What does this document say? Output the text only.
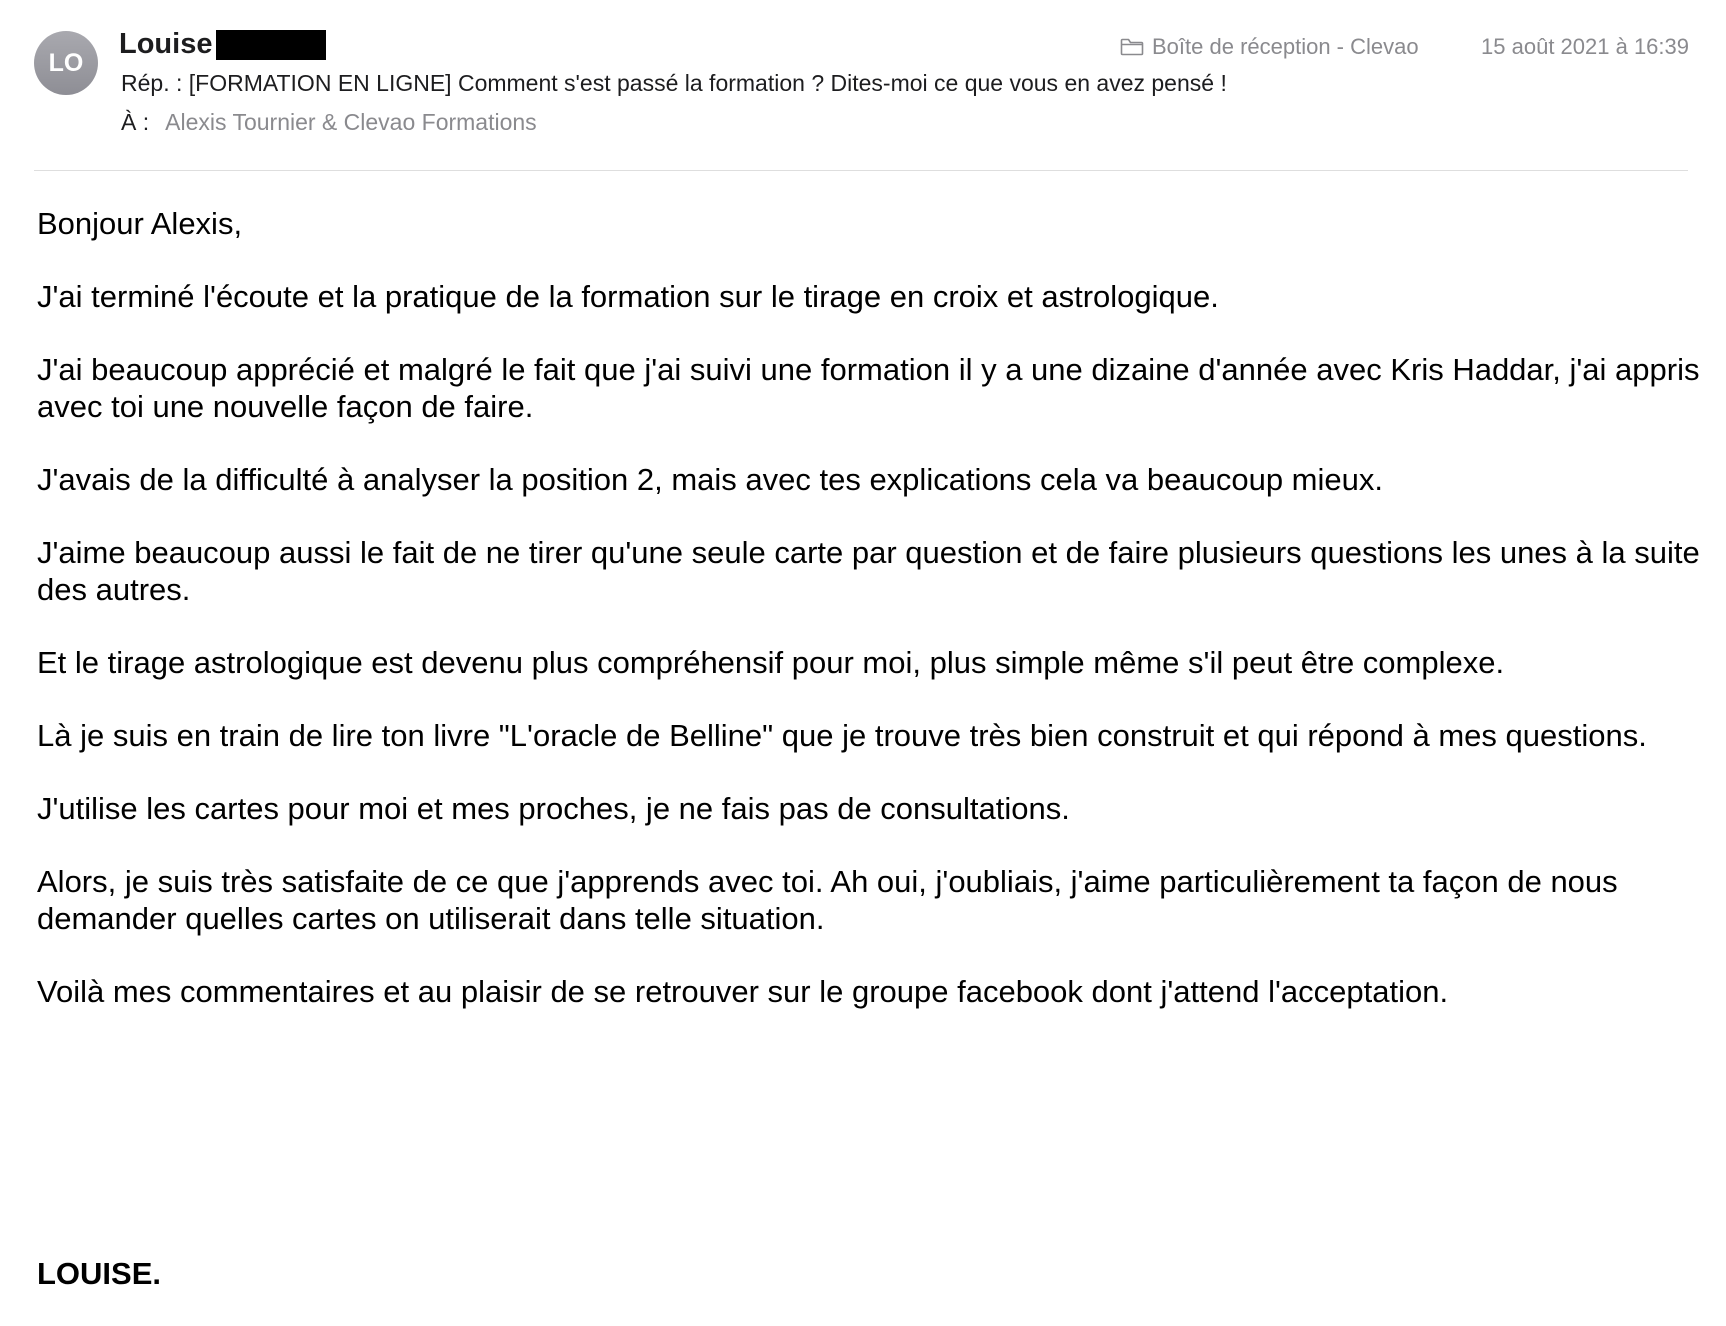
LO
Louise	Boîte de réception - Clevao	15 août 2021 à 16:39
Rép. : [FORMATION EN LIGNE] Comment s'est passé la formation ? Dites-moi ce que vous en avez pensé !
À : Alexis Tournier & Clevao Formations

Bonjour Alexis,

J'ai terminé l'écoute et la pratique de la formation sur le tirage en croix et astrologique.

J'ai beaucoup apprécié et malgré le fait que j'ai suivi une formation il y a une dizaine d'année avec Kris Haddar, j'ai appris avec toi une nouvelle façon de faire.

J'avais de la difficulté à analyser la position 2, mais avec tes explications cela va beaucoup mieux.

J'aime beaucoup aussi le fait de ne tirer qu'une seule carte par question et de faire plusieurs questions les unes à la suite des autres.

Et le tirage astrologique est devenu plus compréhensif pour moi, plus simple même s'il peut être complexe.

Là je suis en train de lire ton livre "L'oracle de Belline" que je trouve très bien construit et qui répond à mes questions.

J'utilise les cartes pour moi et mes proches, je ne fais pas de consultations.

Alors, je suis très satisfaite de ce que j'apprends avec toi. Ah oui, j'oubliais, j'aime particulièrement ta façon de nous demander quelles cartes on utiliserait dans telle situation.

Voilà mes commentaires et au plaisir de se retrouver sur le groupe facebook dont j'attend l'acceptation.

LOUISE.
